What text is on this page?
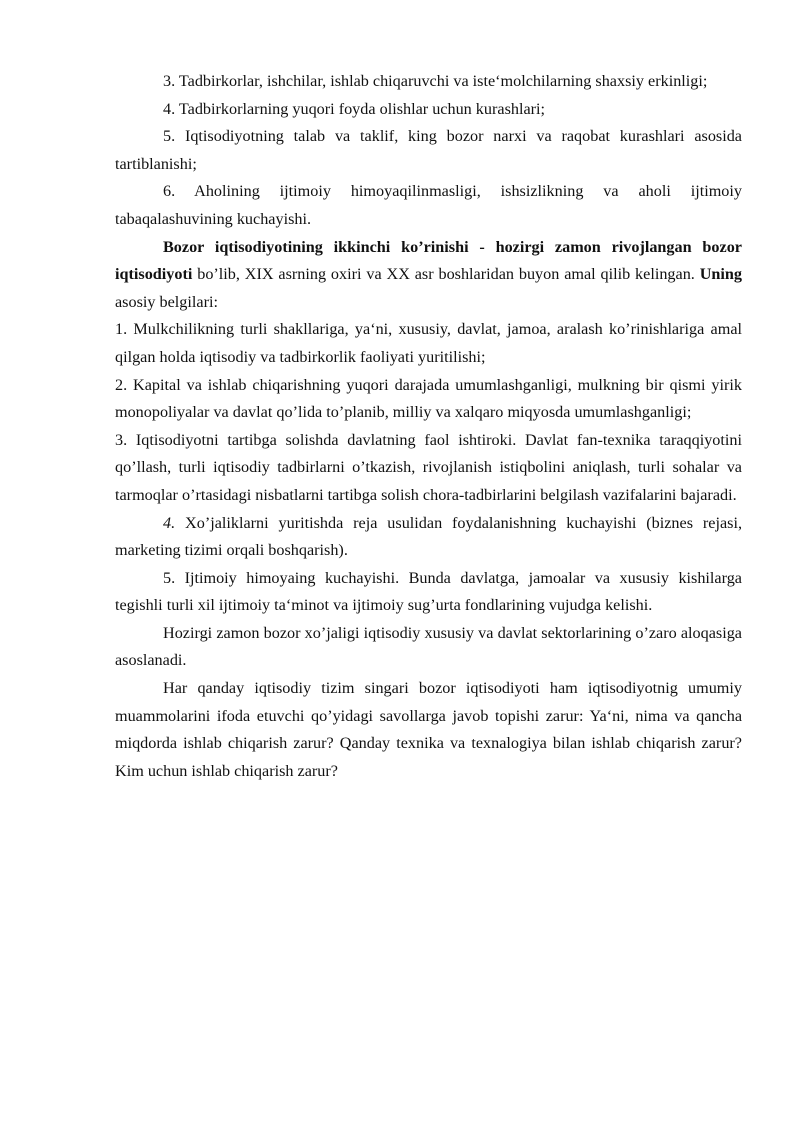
3. Tadbirkorlar, ishchilar, ishlab chiqaruvchi va iste‘molchilarning shaxsiy erkinligi;

4. Tadbirkorlarning yuqori foyda olishlar uchun kurashlari;

5. Iqtisodiyotning talab va taklif, king bozor narxi va raqobat kurashlari asosida tartiblanishi;

6. Aholining ijtimoiy himoyaqilinmasligi, ishsizlikning va aholi ijtimoiy tabaqalashuvining kuchayishi.

Bozor iqtisodiyotining ikkinchi ko’rinishi - hozirgi zamon rivojlangan bozor iqtisodiyoti bo’lib, XIX asrning oxiri va XX asr boshlaridan buyon amal qilib kelingan. Uning asosiy belgilari:

1. Mulkchilikning turli shakllariga, ya‘ni, xususiy, davlat, jamoa, aralash ko’rinishlariga amal qilgan holda iqtisodiy va tadbirkorlik faoliyati yuritilishi;

2. Kapital va ishlab chiqarishning yuqori darajada umumlashganligi, mulkning bir qismi yirik monopoliyalar va davlat qo’lida to’planib, milliy va xalqaro miqyosda umumlashganligi;

3. Iqtisodiyotni tartibga solishda davlatning faol ishtiroki. Davlat fan-texnika taraqqiyotini qo’llash, turli iqtisodiy tadbirlarni o’tkazish, rivojlanish istiqbolini aniqlash, turli sohalar va tarmoqlar o’rtasidagi nisbatlarni tartibga solish chora-tadbirlarini belgilash vazifalarini bajaradi.

4. Xo’jaliklarni yuritishda reja usulidan foydalanishning kuchayishi (biznes rejasi, marketing tizimi orqali boshqarish).

5. Ijtimoiy himoyaing kuchayishi. Bunda davlatga, jamoalar va xususiy kishilarga tegishli turli xil ijtimoiy ta‘minot va ijtimoiy sug’urta fondlarining vujudga kelishi.

Hozirgi zamon bozor xo’jaligi iqtisodiy xususiy va davlat sektorlarining o’zaro aloqasiga asoslanadi.

Har qanday iqtisodiy tizim singari bozor iqtisodiyoti ham iqtisodiyotnig umumiy muammolarini ifoda etuvchi qo’yidagi savollarga javob topishi zarur: Ya‘ni, nima va qancha miqdorda ishlab chiqarish zarur? Qanday texnika va texnalogiya bilan ishlab chiqarish zarur? Kim uchun ishlab chiqarish zarur?
